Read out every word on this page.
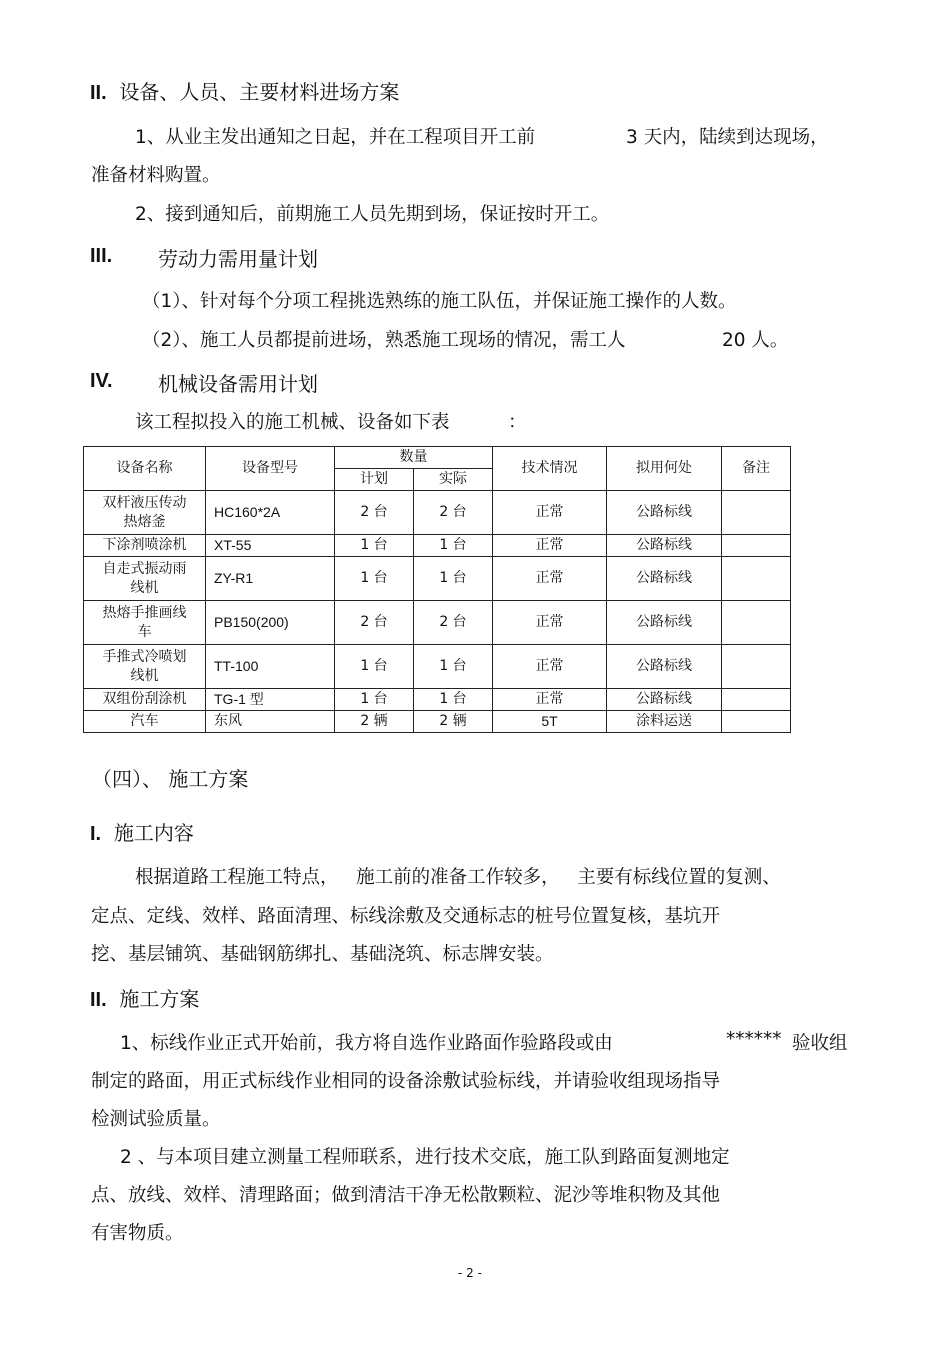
II. 设备、人员、主要材料进场方案
1、从业主发出通知之日起，并在工程项目开工前	3 天内，陆续到达现场，
准备材料购置。
2、接到通知后，前期施工人员先期到场，保证按时开工。
III. 劳动力需用量计划
（1）、针对每个分项工程挑选熟练的施工队伍，并保证施工操作的人数。
（2）、施工人员都提前进场，熟悉施工现场的情况，需工人	20 人。
IV. 机械设备需用计划
该工程拟投入的施工机械、设备如下表	：
设备名称	设备型号	数量		技术情况	拟用何处	备注
		计划	实际			
双杆液压传动
热熔釜	HC160*2A	2 台	2 台	正常	公路标线	
下涂剂喷涂机	XT-55	1 台	1 台	正常	公路标线	
自走式振动雨
线机	ZY-R1	1 台	1 台	正常	公路标线	
热熔手推画线
车	PB150(200)	2 台	2 台	正常	公路标线	
手推式冷喷划
线机	TT-100	1 台	1 台	正常	公路标线	
双组份刮涂机	TG-1 型	1 台	1 台	正常	公路标线	
汽车	东风	2 辆	2 辆	5T	涂料运送	
（四）、 施工方案
I. 施工内容
根据道路工程施工特点，   施工前的准备工作较多，   主要有标线位置的复测、
定点、定线、效样、路面清理、标线涂敷及交通标志的桩号位置复核，基坑开
挖、基层铺筑、基础钢筋绑扎、基础浇筑、标志牌安装。
II. 施工方案
1、标线作业正式开始前，我方将自选作业路面作验路段或由	****** 验收组
制定的路面，用正式标线作业相同的设备涂敷试验标线，并请验收组现场指导
检测试验质量。
2 、与本项目建立测量工程师联系，进行技术交底，施工队到路面复测地定
点、放线、效样、清理路面；做到清洁干净无松散颗粒、泥沙等堆积物及其他
有害物质。
- 2 -
